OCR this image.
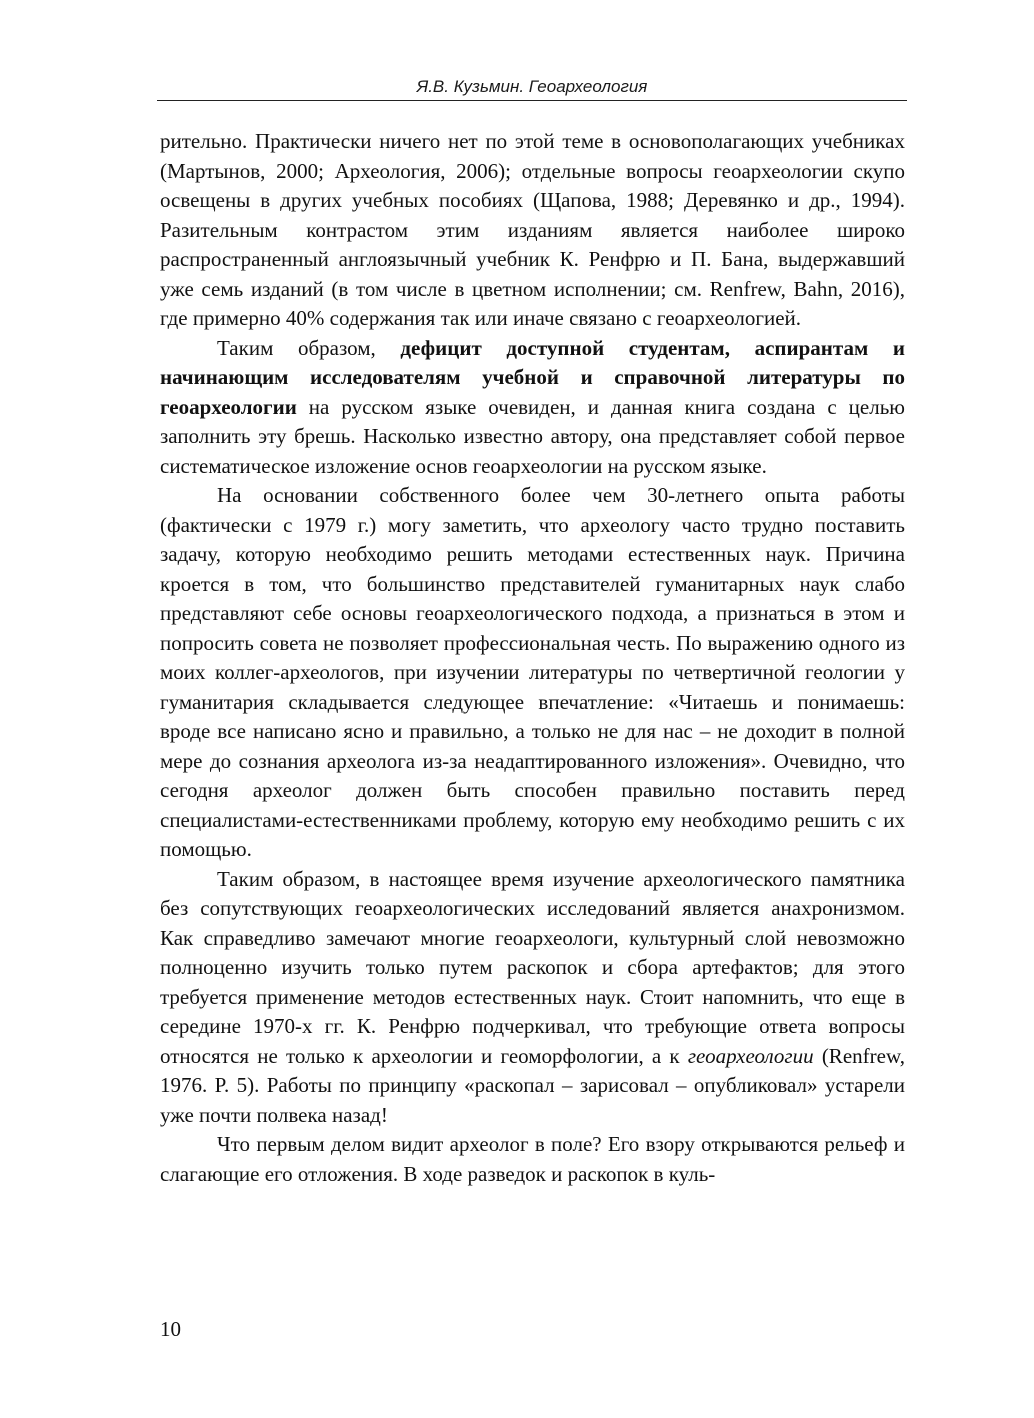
Я.В. Кузьмин. Геоархеология

рительно. Практически ничего нет по этой теме в основополагающих учебниках (Мартынов, 2000; Археология, 2006); отдельные вопросы геоархеологии скупо освещены в других учебных пособиях (Щапова, 1988; Деревянко и др., 1994). Разительным контрастом этим изданиям является наиболее широко распространенный англоязычный учебник К. Ренфрю и П. Бана, выдержавший уже семь изданий (в том числе в цветном исполнении; см. Renfrew, Bahn, 2016), где примерно 40% содержания так или иначе связано с геоархеологией.

Таким образом, дефицит доступной студентам, аспирантам и начинающим исследователям учебной и справочной литературы по геоархеологии на русском языке очевиден, и данная книга создана с целью заполнить эту брешь. Насколько известно автору, она представляет собой первое систематическое изложение основ геоархеологии на русском языке.

На основании собственного более чем 30-летнего опыта работы (фактически с 1979 г.) могу заметить, что археологу часто трудно поставить задачу, которую необходимо решить методами естественных наук. Причина кроется в том, что большинство представителей гуманитарных наук слабо представляют себе основы геоархеологического подхода, а признаться в этом и попросить совета не позволяет профессиональная честь. По выражению одного из моих коллег-археологов, при изучении литературы по четвертичной геологии у гуманитария складывается следующее впечатление: «Читаешь и понимаешь: вроде все написано ясно и правильно, а только не для нас – не доходит в полной мере до сознания археолога из-за неадаптированного изложения». Очевидно, что сегодня археолог должен быть способен правильно поставить перед специалистами-естественниками проблему, которую ему необходимо решить с их помощью.

Таким образом, в настоящее время изучение археологического памятника без сопутствующих геоархеологических исследований является анахронизмом. Как справедливо замечают многие геоархеологи, культурный слой невозможно полноценно изучить только путем раскопок и сбора артефактов; для этого требуется применение методов естественных наук. Стоит напомнить, что еще в середине 1970-х гг. К. Ренфрю подчеркивал, что требующие ответа вопросы относятся не только к археологии и геоморфологии, а к геоархеологии (Renfrew, 1976. P. 5). Работы по принципу «раскопал – зарисовал – опубликовал» устарели уже почти полвека назад!

Что первым делом видит археолог в поле? Его взору открываются рельеф и слагающие его отложения. В ходе разведок и раскопок в куль-

10
